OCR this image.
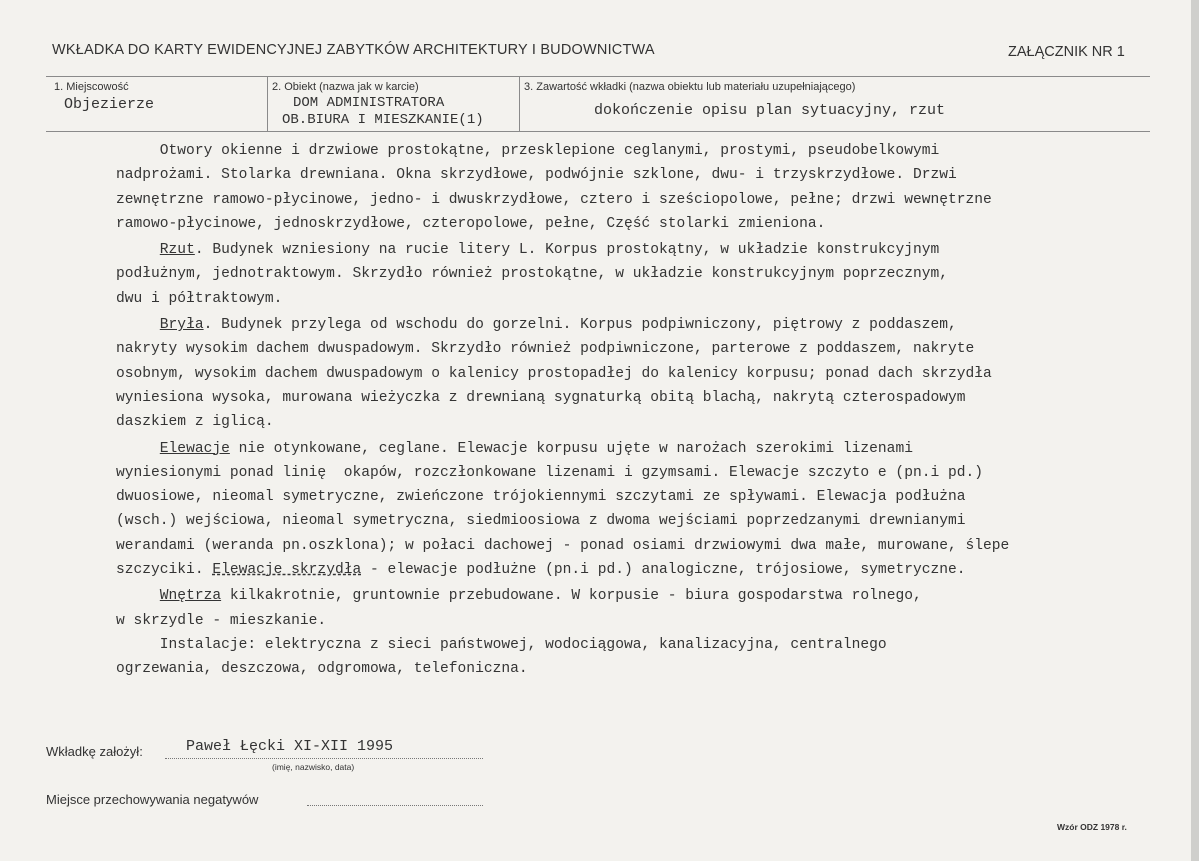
WKŁADKA DO KARTY EWIDENCYJNEJ ZABYTKÓW ARCHITEKTURY I BUDOWNICTWA	ZAŁĄCZNIK NR 1
1. Miejscowość
Objezierze
2. Obiekt (nazwa jak w karcie)
DOM ADMINISTRATORA
OB.BIURA I MIESZKANIE(1)
3. Zawartość wkładki (nazwa obiektu lub materiału uzupełniającego)
dokończenie opisu plan sytuacyjny, rzut

Otwory okienne i drzwiowe prostokątne, przesklepione ceglanymi, prostymi, pseudobelkowymi

nadprożami. Stolarka drewniana. Okna skrzydłowe, podwójnie szklone, dwu- i trzyskrzydłowe. Drzwi

zewnętrzne ramowo-płycinowe, jedno- i dwuskrzydłowe, cztero i sześciopolowe, pełne; drzwi wewnętrzne

ramowo-płycinowe, jednoskrzydłowe, czteropolowe, pełne, Część stolarki zmieniona.

Rzut. Budynek wzniesiony na rucie litery L. Korpus prostokątny, w układzie konstrukcyjnym

podłużnym, jednotraktowym. Skrzydło również prostokątne, w układzie konstrukcyjnym poprzecznym,

dwu i półtraktowym.

Bryła. Budynek przylega od wschodu do gorzelni. Korpus podpiwniczony, piętrowy z poddaszem,

nakryty wysokim dachem dwuspadowym. Skrzydło również podpiwniczone, parterowe z poddaszem, nakryte

osobnym, wysokim dachem dwuspadowym o kalenicy prostopadłej do kalenicy korpusu; ponad dach skrzydła

wyniesiona wysoka, murowana wieżyczka z drewnianą sygnaturką obitą blachą, nakrytą czterospadowym

daszkiem z iglicą.

Elewacje nie otynkowane, ceglane. Elewacje korpusu ujęte w narożach szerokimi lizenami

wyniesionymi ponad linię  okapów, rozczłonkowane lizenami i gzymsami. Elewacje szczyto e (pn.i pd.)

dwuosiowe, nieomal symetryczne, zwieńczone trójokiennymi szczytami ze spływami. Elewacja podłużna

(wsch.) wejściowa, nieomal symetryczna, siedmioosiowa z dwoma wejściami poprzedzanymi drewnianymi

werandami (weranda pn.oszklona); w połaci dachowej - ponad osiami drzwiowymi dwa małe, murowane, ślepe

szczyciki. Elewacje skrzydła - elewacje podłużne (pn.i pd.) analogiczne, trójosiowe, symetryczne.

Wnętrza kilkakrotnie, gruntownie przebudowane. W korpusie - biura gospodarstwa rolnego,

w skrzydle - mieszkanie.

Instalacje: elektryczna z sieci państwowej, wodociągowa, kanalizacyjna, centralnego

ogrzewania, deszczowa, odgromowa, telefoniczna.

Wkładkę założył:	Paweł Łęcki XI-XII 1995
(imię, nazwisko, data)
Miejsce przechowywania negatywów
Wzór ODZ 1978 r.
